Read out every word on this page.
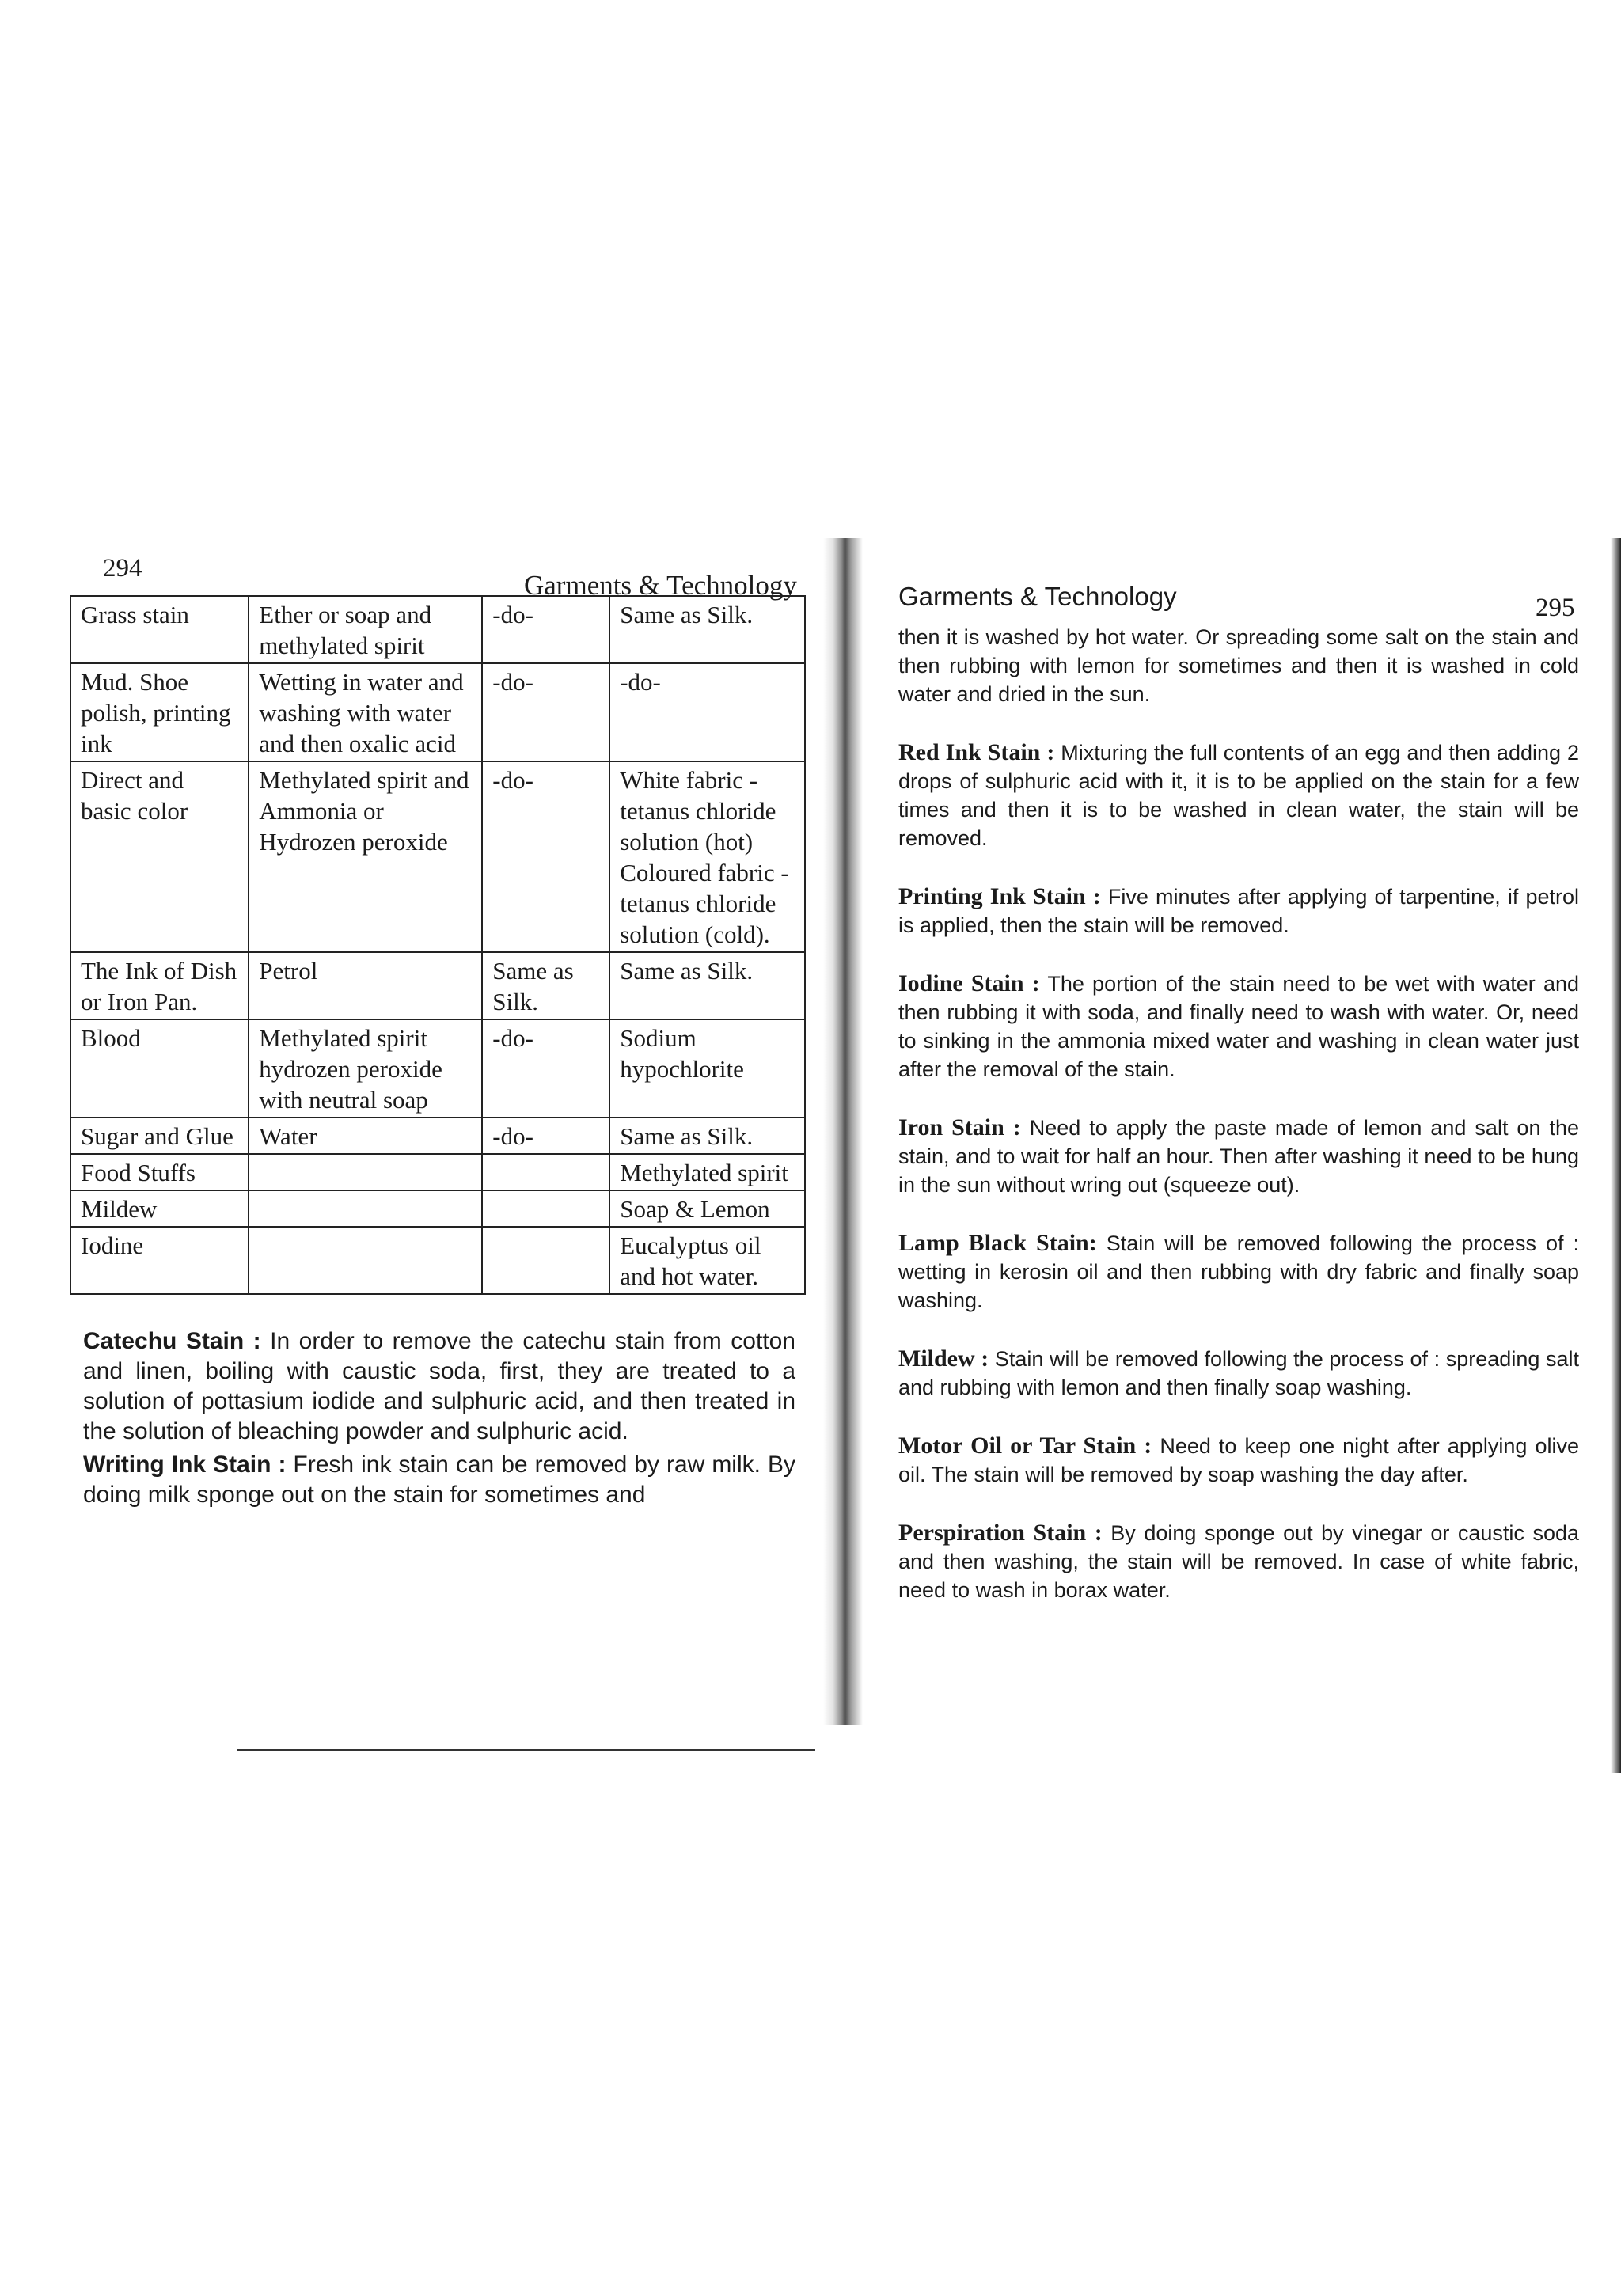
294
Garments & Technology
Grass stain	Ether or soap and methylated spirit	-do-	Same as Silk.
Mud. Shoe polish, printing ink	Wetting in water and washing with water and then oxalic acid	-do-	-do-
Direct and basic color	Methylated spirit and Ammonia or Hydrozen peroxide	-do-	White fabric - tetanus chloride solution (hot) Coloured fabric - tetanus chloride solution (cold).
The Ink of Dish or Iron Pan.	Petrol	Same as Silk.	Same as Silk.
Blood	Methylated spirit hydrozen peroxide with neutral soap	-do-	Sodium hypochlorite
Sugar and Glue	Water	-do-	Same as Silk.
Food Stuffs			Methylated spirit
Mildew			Soap & Lemon
Iodine			Eucalyptus oil and hot water.
Catechu Stain : In order to remove the catechu stain from cotton and linen, boiling with caustic soda, first, they are treated to a solution of pottasium iodide and sulphuric acid, and then treated in the solution of bleaching powder and sulphuric acid.
Writing Ink Stain : Fresh ink stain can be removed by raw milk. By doing milk sponge out on the stain for sometimes and
Garments & Technology	295

then it is washed by hot water. Or spreading some salt on the stain and then rubbing with lemon for sometimes and then it is washed in cold water and dried in the sun.

Red Ink Stain : Mixturing the full contents of an egg and then adding 2 drops of sulphuric acid with it, it is to be applied on the stain for a few times and then it is to be washed in clean water, the stain will be removed.

Printing Ink Stain : Five minutes after applying of tarpentine, if petrol is applied, then the stain will be removed.

Iodine Stain : The portion of the stain need to be wet with water and then rubbing it with soda, and finally need to wash with water. Or, need to sinking in the ammonia mixed water and washing in clean water just after the removal of the stain.

Iron Stain : Need to apply the paste made of lemon and salt on the stain, and to wait for half an hour. Then after washing it need to be hung in the sun without wring out (squeeze out).

Lamp Black Stain: Stain will be removed following the process of : wetting in kerosin oil and then rubbing with dry fabric and finally soap washing.

Mildew : Stain will be removed following the process of : spreading salt and rubbing with lemon and then finally soap washing.

Motor Oil or Tar Stain : Need to keep one night after applying olive oil. The stain will be removed by soap washing the day after.

Perspiration Stain : By doing sponge out by vinegar or caustic soda and then washing, the stain will be removed. In case of white fabric, need to wash in borax water.
